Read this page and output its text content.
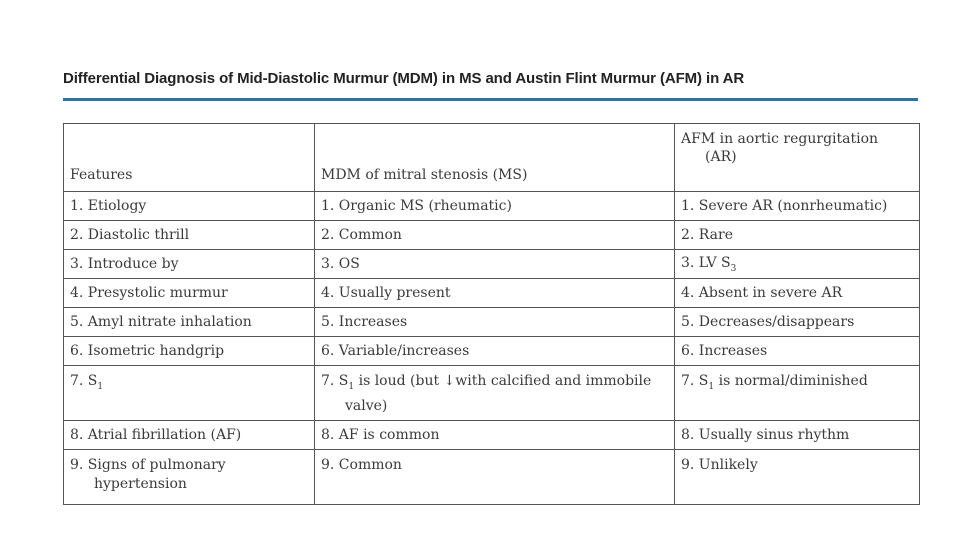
Differential Diagnosis of Mid-Diastolic Murmur (MDM) in MS and Austin Flint Murmur (AFM) in AR
Features	MDM of mitral stenosis (MS)	AFM in aortic regurgitation (AR)
1. Etiology	1. Organic MS (rheumatic)	1. Severe AR (nonrheumatic)
2. Diastolic thrill	2. Common	2. Rare
3. Introduce by	3. OS	3. LV $S_3$
4. Presystolic murmur	4. Usually present	4. Absent in severe AR
5. Amyl nitrate inhalation	5. Increases	5. Decreases/disappears
6. Isometric handgrip	6. Variable/increases	6. Increases
7. $S_1$	7. $S_1$ is loud (but ↓with calcified and immobile valve)	7. $S_1$ is normal/diminished
8. Atrial fibrillation (AF)	8. AF is common	8. Usually sinus rhythm
9. Signs of pulmonary hypertension	9. Common	9. Unlikely
